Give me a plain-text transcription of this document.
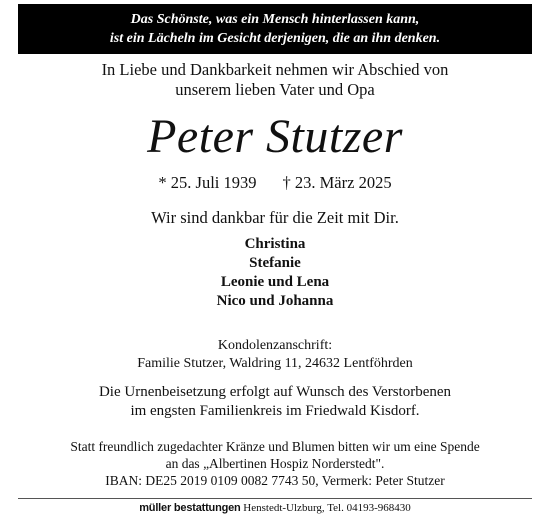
Das Schönste, was ein Mensch hinterlassen kann,
ist ein Lächeln im Gesicht derjenigen, die an ihn denken.
In Liebe und Dankbarkeit nehmen wir Abschied von
unserem lieben Vater und Opa
Peter Stutzer
* 25. Juli 1939 † 23. März 2025
Wir sind dankbar für die Zeit mit Dir.
Christina
Stefanie
Leonie und Lena
Nico und Johanna
Kondolenzanschrift:
Familie Stutzer, Waldring 11, 24632 Lentföhrden
Die Urnenbeisetzung erfolgt auf Wunsch des Verstorbenen
im engsten Familienkreis im Friedwald Kisdorf.
Statt freundlich zugedachter Kränze und Blumen bitten wir um eine Spende
an das „Albertinen Hospiz Norderstedt".
IBAN: DE25 2019 0109 0082 7743 50, Vermerk: Peter Stutzer
müller bestattungen Henstedt-Ulzburg, Tel. 04193-968430
